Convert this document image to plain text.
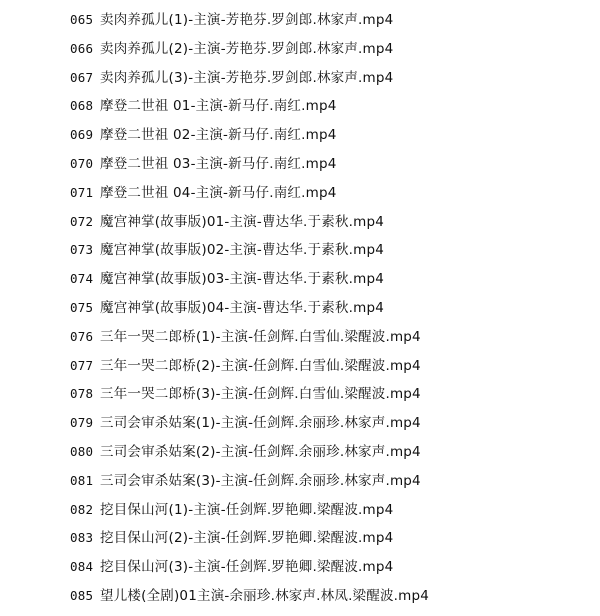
065 卖肉养孤儿(1)-主演-芳艳芬.罗剑郎.林家声.mp4
066 卖肉养孤儿(2)-主演-芳艳芬.罗剑郎.林家声.mp4
067 卖肉养孤儿(3)-主演-芳艳芬.罗剑郎.林家声.mp4
068 摩登二世祖 01-主演-新马仔.南红.mp4
069 摩登二世祖 02-主演-新马仔.南红.mp4
070 摩登二世祖 03-主演-新马仔.南红.mp4
071 摩登二世祖 04-主演-新马仔.南红.mp4
072 魔宫神掌(故事版)01-主演-曹达华.于素秋.mp4
073 魔宫神掌(故事版)02-主演-曹达华.于素秋.mp4
074 魔宫神掌(故事版)03-主演-曹达华.于素秋.mp4
075 魔宫神掌(故事版)04-主演-曹达华.于素秋.mp4
076 三年一哭二郎桥(1)-主演-任剑辉.白雪仙.梁醒波.mp4
077 三年一哭二郎桥(2)-主演-任剑辉.白雪仙.梁醒波.mp4
078 三年一哭二郎桥(3)-主演-任剑辉.白雪仙.梁醒波.mp4
079 三司会审杀姑案(1)-主演-任剑辉.余丽珍.林家声.mp4
080 三司会审杀姑案(2)-主演-任剑辉.余丽珍.林家声.mp4
081 三司会审杀姑案(3)-主演-任剑辉.余丽珍.林家声.mp4
082 挖目保山河(1)-主演-任剑辉.罗艳卿.梁醒波.mp4
083 挖目保山河(2)-主演-任剑辉.罗艳卿.梁醒波.mp4
084 挖目保山河(3)-主演-任剑辉.罗艳卿.梁醒波.mp4
085 望儿楼(全剧)01主演-余丽珍.林家声.林凤.梁醒波.mp4
